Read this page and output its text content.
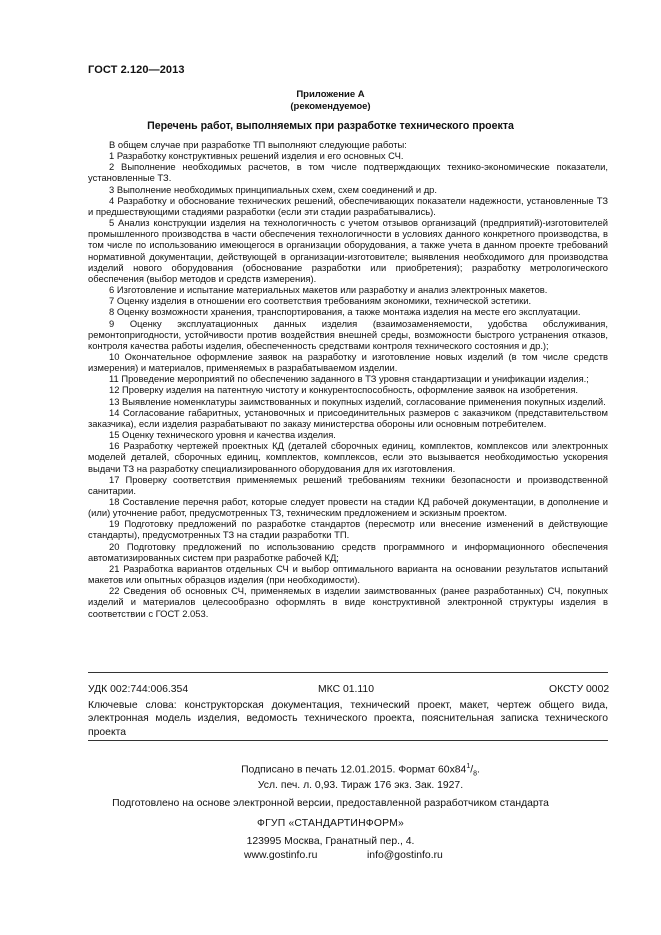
ГОСТ 2.120—2013
Приложение А
(рекомендуемое)
Перечень работ, выполняемых при разработке технического проекта

В общем случае при разработке ТП выполняют следующие работы:

1 Разработку конструктивных решений изделия и его основных СЧ.

2 Выполнение необходимых расчетов, в том числе подтверждающих технико-экономические показатели, установленные ТЗ.

3 Выполнение необходимых принципиальных схем, схем соединений и др.

4 Разработку и обоснование технических решений, обеспечивающих показатели надежности, установленные ТЗ и предшествующими стадиями разработки (если эти стадии разрабатывались).

5 Анализ конструкции изделия на технологичность с учетом отзывов организаций (предприятий)-изготовителей промышленного производства в части обеспечения технологичности в условиях данного конкретного производства, в том числе по использованию имеющегося в организации оборудования, а также учета в данном проекте требований нормативной документации, действующей в организации-изготовителе; выявления необходимого для производства изделий нового оборудования (обоснование разработки или приобретения); разработку метрологического обеспечения (выбор методов и средств измерения).

6 Изготовление и испытание материальных макетов или разработку и анализ электронных макетов.

7 Оценку изделия в отношении его соответствия требованиям экономики, технической эстетики.

8 Оценку возможности хранения, транспортирования, а также монтажа изделия на месте его эксплуатации.

9 Оценку эксплуатационных данных изделия (взаимозаменяемости, удобства обслуживания, ремонтопригодности, устойчивости против воздействия внешней среды, возможности быстрого устранения отказов, контроля качества работы изделия, обеспеченность средствами контроля технического состояния и др.);

10 Окончательное оформление заявок на разработку и изготовление новых изделий (в том числе средств измерения) и материалов, применяемых в разрабатываемом изделии.

11 Проведение мероприятий по обеспечению заданного в ТЗ уровня стандартизации и унификации изделия.;

12 Проверку изделия на патентную чистоту и конкурентоспособность, оформление заявок на изобретения.

13 Выявление номенклатуры заимствованных и покупных изделий, согласование применения покупных изделий.

14 Согласование габаритных, установочных и присоединительных размеров с заказчиком (представительством заказчика), если изделия разрабатывают по заказу министерства обороны или основным потребителем.

15 Оценку технического уровня и качества изделия.

16 Разработку чертежей проектных КД (деталей сборочных единиц, комплектов, комплексов или электронных моделей деталей, сборочных единиц, комплектов, комплексов, если это вызывается необходимостью ускорения выдачи ТЗ на разработку специализированного оборудования для их изготовления.

17 Проверку соответствия применяемых решений требованиям техники безопасности и производственной санитарии.

18 Составление перечня работ, которые следует провести на стадии КД рабочей документации, в дополнение и (или) уточнение работ, предусмотренных ТЗ, техническим предложением и эскизным проектом.

19 Подготовку предложений по разработке стандартов (пересмотр или внесение изменений в действующие стандарты), предусмотренных ТЗ на стадии разработки ТП.

20 Подготовку предложений по использованию средств программного и информационного обеспечения автоматизированных систем при разработке рабочей КД;

21 Разработка вариантов отдельных СЧ и выбор оптимального варианта на основании результатов испытаний макетов или опытных образцов изделия (при необходимости).

22 Сведения об основных СЧ, применяемых в изделии заимствованных (ранее разработанных) СЧ, покупных изделий и материалов целесообразно оформлять в виде конструктивной электронной структуры изделия в соответствии с ГОСТ 2.053.

УДК 002:744:006.354	МКС 01.110	ОКСТУ 0002
Ключевые слова: конструкторская документация, технический проект, макет, чертеж общего вида, электронная модель изделия, ведомость технического проекта, пояснительная записка технического проекта
Подписано в печать 12.01.2015. Формат $60x84^1/_8$.
Усл. печ. л. 0,93. Тираж 176 экз. Зак. 1927.
Подготовлено на основе электронной версии, предоставленной разработчиком стандарта
ФГУП «СТАНДАРТИНФОРМ»
123995 Москва, Гранатный пер., 4.
www.gostinfo.ru	info@gostinfo.ru
